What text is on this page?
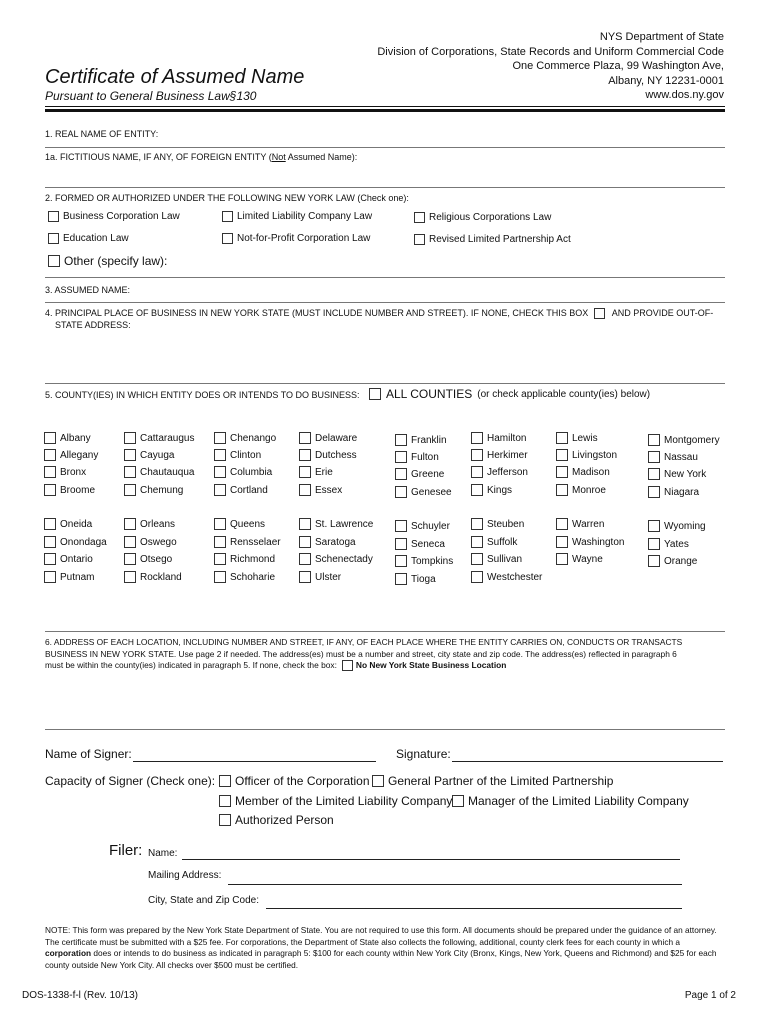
NYS Department of State
Division of Corporations, State Records and Uniform Commercial Code
One Commerce Plaza, 99 Washington Ave,
Albany, NY 12231-0001
www.dos.ny.gov
Certificate of Assumed Name
Pursuant to General Business Law§130
1. REAL NAME OF ENTITY:
1a. FICTITIOUS NAME, IF ANY, OF FOREIGN ENTITY (Not Assumed Name):
2. FORMED OR AUTHORIZED UNDER THE FOLLOWING NEW YORK LAW (Check one):
Business Corporation Law	Limited Liability Company Law	Religious Corporations Law
Education Law	Not-for-Profit Corporation Law	Revised Limited Partnership Act
Other (specify law):
3. ASSUMED NAME:
4. PRINCIPAL PLACE OF BUSINESS IN NEW YORK STATE (MUST INCLUDE NUMBER AND STREET). IF NONE, CHECK THIS BOX	AND PROVIDE OUT-OF-
STATE ADDRESS:
5. COUNTY(IES) IN WHICH ENTITY DOES OR INTENDS TO DO BUSINESS: ALL COUNTIES (or check applicable county(ies) below)
Albany	Cattaraugus	Chenango	Delaware	Franklin	Hamilton	Lewis	Montgomery
Allegany	Cayuga	Clinton	Dutchess	Fulton	Herkimer	Livingston	Nassau
Bronx	Chautauqua	Columbia	Erie	Greene	Jefferson	Madison	New York
Broome	Chemung	Cortland	Essex	Genesee	Kings	Monroe	Niagara
Oneida	Orleans	Queens	St. Lawrence	Schuyler	Steuben	Warren	Wyoming
Onondaga	Oswego	Rensselaer	Saratoga	Seneca	Suffolk	Washington	Yates
Ontario	Otsego	Richmond	Schenectady	Tompkins	Sullivan	Wayne	Orange
Putnam	Rockland	Schoharie	Ulster	Tioga	Westchester
6. ADDRESS OF EACH LOCATION, INCLUDING NUMBER AND STREET, IF ANY, OF EACH PLACE WHERE THE ENTITY CARRIES ON, CONDUCTS OR TRANSACTS
BUSINESS IN NEW YORK STATE. Use page 2 if needed. The address(es) must be a number and street, city state and zip code. The address(es) reflected in paragraph 6
must be within the county(ies) indicated in paragraph 5. If none, check the box: No New York State Business Location
Name of Signer:	Signature:
Capacity of Signer (Check one): Officer of the Corporation General Partner of the Limited Partnership
Member of the Limited Liability Company Manager of the Limited Liability Company
Authorized Person
Filer: Name:
Mailing Address:
City, State and Zip Code:
NOTE: This form was prepared by the New York State Department of State. You are not required to use this form. All documents should be prepared under the guidance of an attorney. The certificate must be submitted with a $25 fee. For corporations, the Department of State also collects the following, additional, county clerk fees for each county in which a corporation does or intends to do business as indicated in paragraph 5: $100 for each county within New York City (Bronx, Kings, New York, Queens and Richmond) and $25 for each county outside New York City. All checks over $500 must be certified.
DOS-1338-f-l (Rev. 10/13)	Page 1 of 2
